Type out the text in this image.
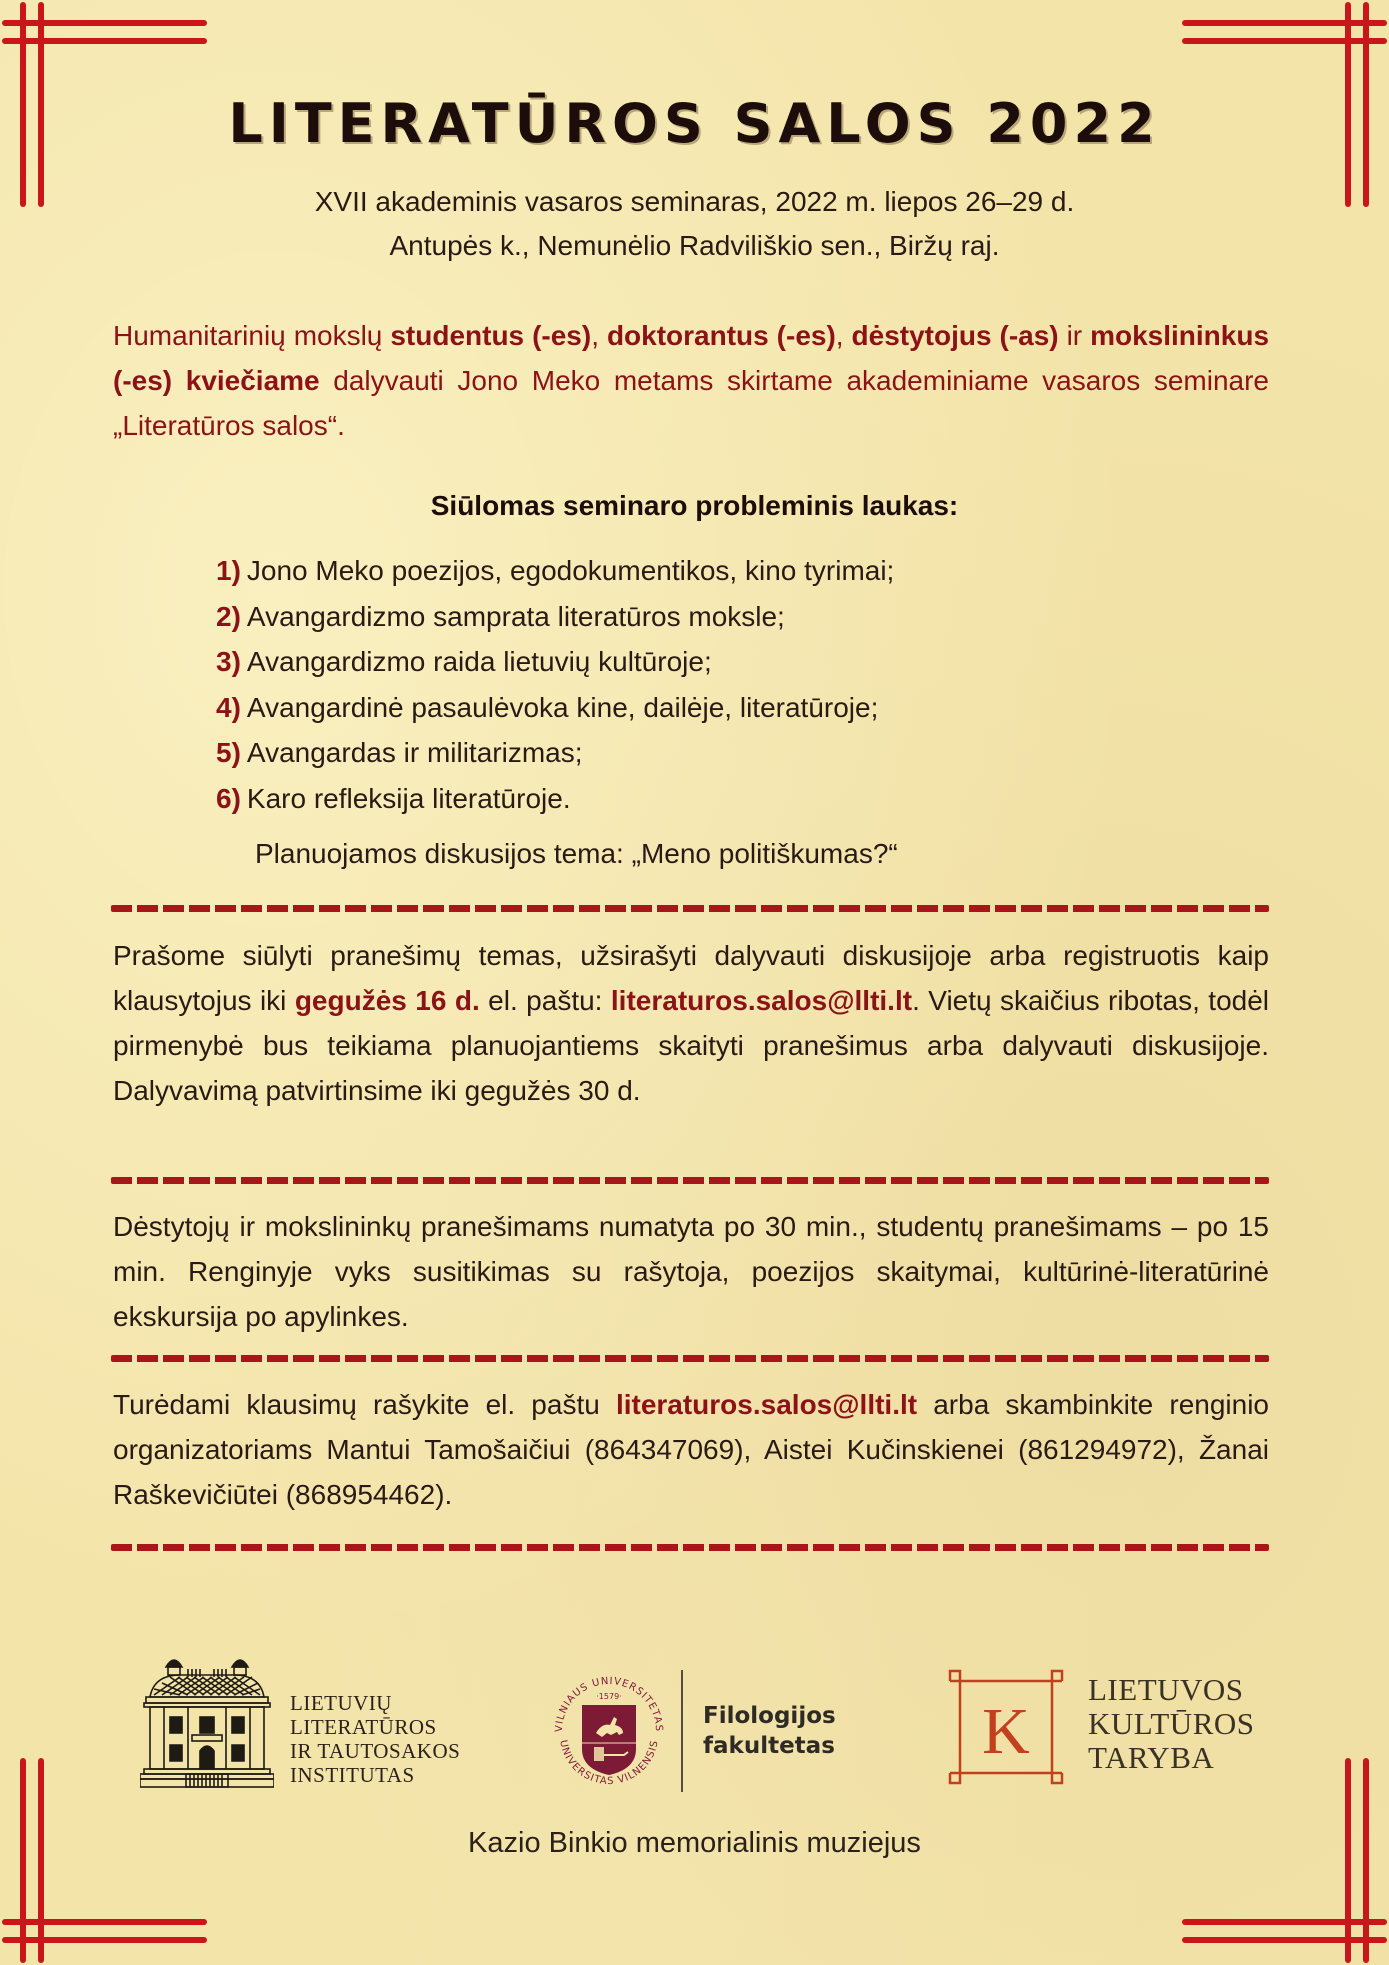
LITERATŪROS SALOS 2022
XVII akademinis vasaros seminaras, 2022 m. liepos 26–29 d.
Antupės k., Nemunėlio Radviliškio sen., Biržų raj.
Humanitarinių mokslų studentus (-es), doktorantus (-es), dėstytojus (-as) ir mokslininkus (-es) kviečiame dalyvauti Jono Meko metams skirtame akademiniame vasaros seminare „Literatūros salos“.
Siūlomas seminaro probleminis laukas:
1) Jono Meko poezijos, egodokumentikos, kino tyrimai;
2) Avangardizmo samprata literatūros moksle;
3) Avangardizmo raida lietuvių kultūroje;
4) Avangardinė pasaulėvoka kine, dailėje, literatūroje;
5) Avangardas ir militarizmas;
6) Karo refleksija literatūroje.
Planuojamos diskusijos tema: „Meno politiškumas?“
Prašome siūlyti pranešimų temas, užsirašyti dalyvauti diskusijoje arba registruotis kaip klausytojus iki gegužės 16 d. el. paštu: literaturos.salos@llti.lt. Vietų skaičius ribotas, todėl pirmenybė bus teikiama planuojantiems skaityti pranešimus arba dalyvauti diskusijoje. Dalyvavimą patvirtinsime iki gegužės 30 d.
Dėstytojų ir mokslininkų pranešimams numatyta po 30 min., studentų pranešimams – po 15 min. Renginyje vyks susitikimas su rašytoja, poezijos skaitymai, kultūrinė-literatūrinė ekskursija po apylinkes.
Turėdami klausimų rašykite el. paštu literaturos.salos@llti.lt arba skambinkite renginio organizatoriams Mantui Tamošaičiui (864347069), Aistei Kučinskienei (861294972), Žanai Raškevičiūtei (868954462).
LIETUVIŲ
LITERATŪROS
IR TAUTOSAKOS
INSTITUTAS
VILNIAUS UNIVERSITETAS
UNIVERSITAS VILNENSIS
·1579·
Filologijos
fakultetas K
LIETUVOS
KULTŪROS
TARYBA
Kazio Binkio memorialinis muziejus
